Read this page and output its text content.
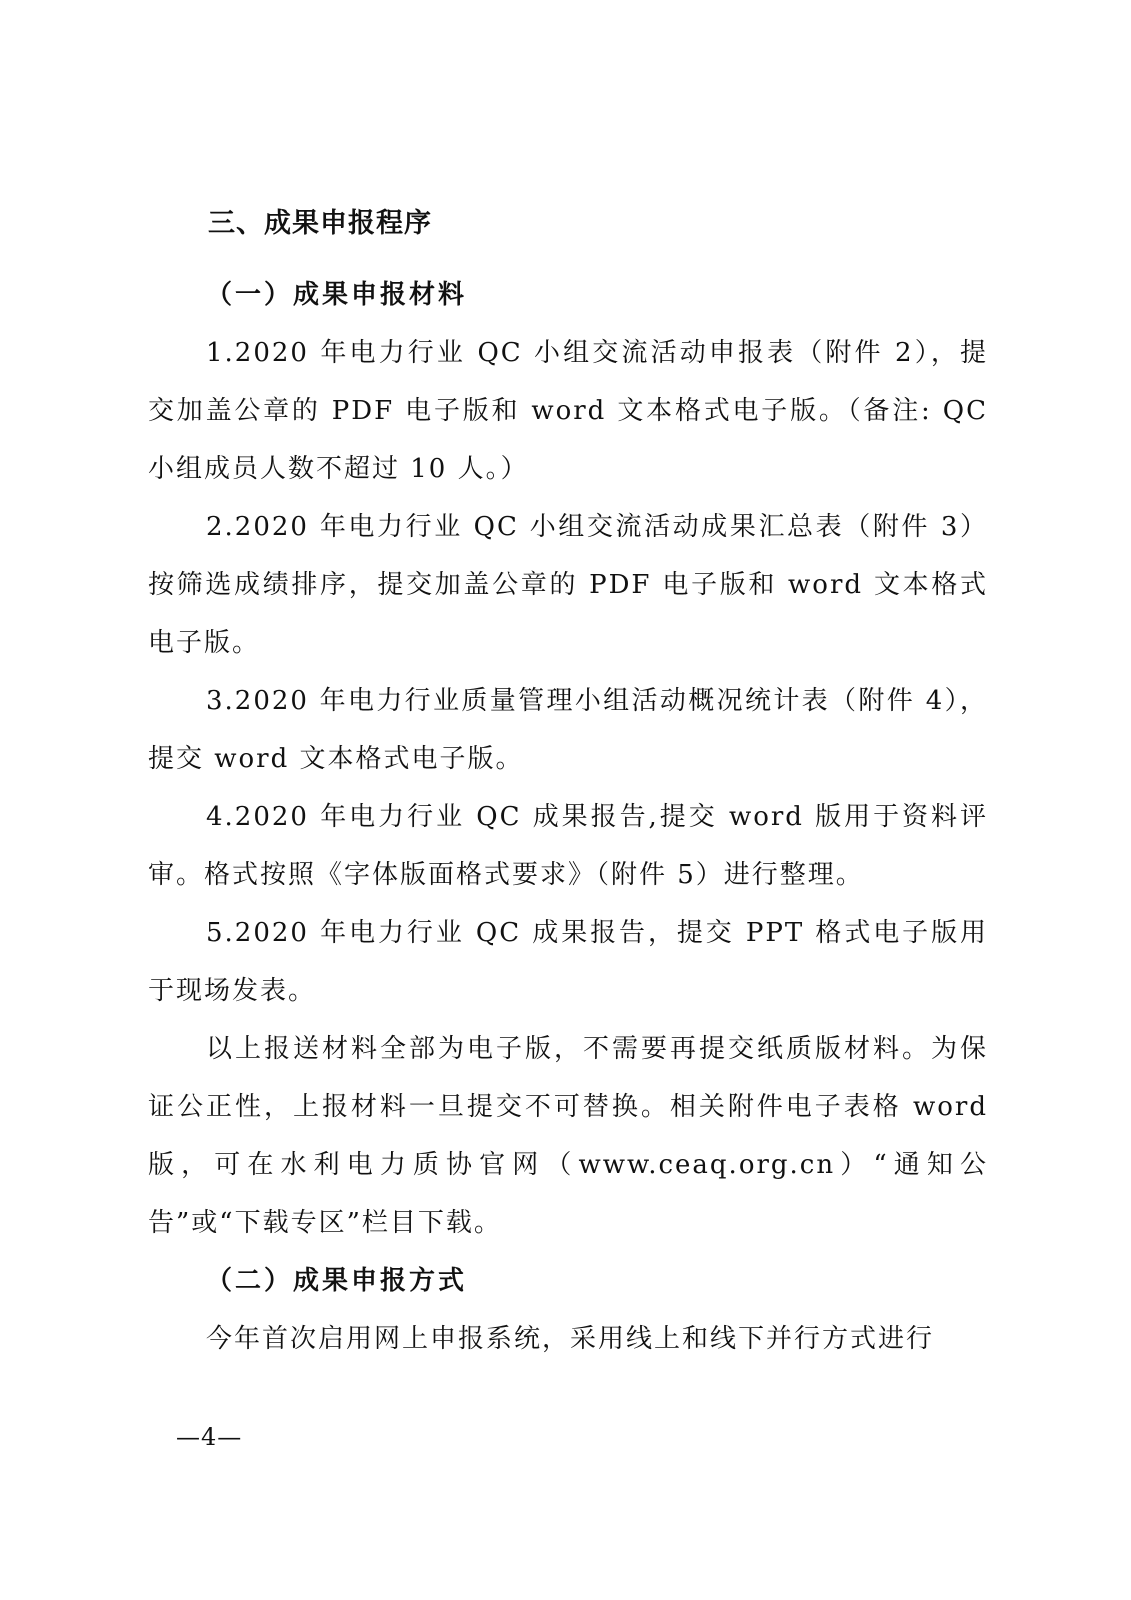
三、成果申报程序

（一）成果申报材料

1.2020 年电力行业 QC 小组交流活动申报表（附件 2），提交加盖公章的 PDF 电子版和 word 文本格式电子版。（备注: QC 小组成员人数不超过 10 人。）

2.2020 年电力行业 QC 小组交流活动成果汇总表（附件 3）按筛选成绩排序，提交加盖公章的 PDF 电子版和 word 文本格式电子版。

3.2020 年电力行业质量管理小组活动概况统计表（附件 4），提交 word 文本格式电子版。

4.2020 年电力行业 QC 成果报告,提交 word 版用于资料评审。格式按照《字体版面格式要求》（附件 5）进行整理。

5.2020 年电力行业 QC 成果报告，提交 PPT 格式电子版用于现场发表。

以上报送材料全部为电子版，不需要再提交纸质版材料。为保证公正性，上报材料一旦提交不可替换。相关附件电子表格 word 版，可在水利电力质协官网（www.ceaq.org.cn）“通知公告”或“下载专区”栏目下载。

（二）成果申报方式

今年首次启用网上申报系统，采用线上和线下并行方式进行

—4—
